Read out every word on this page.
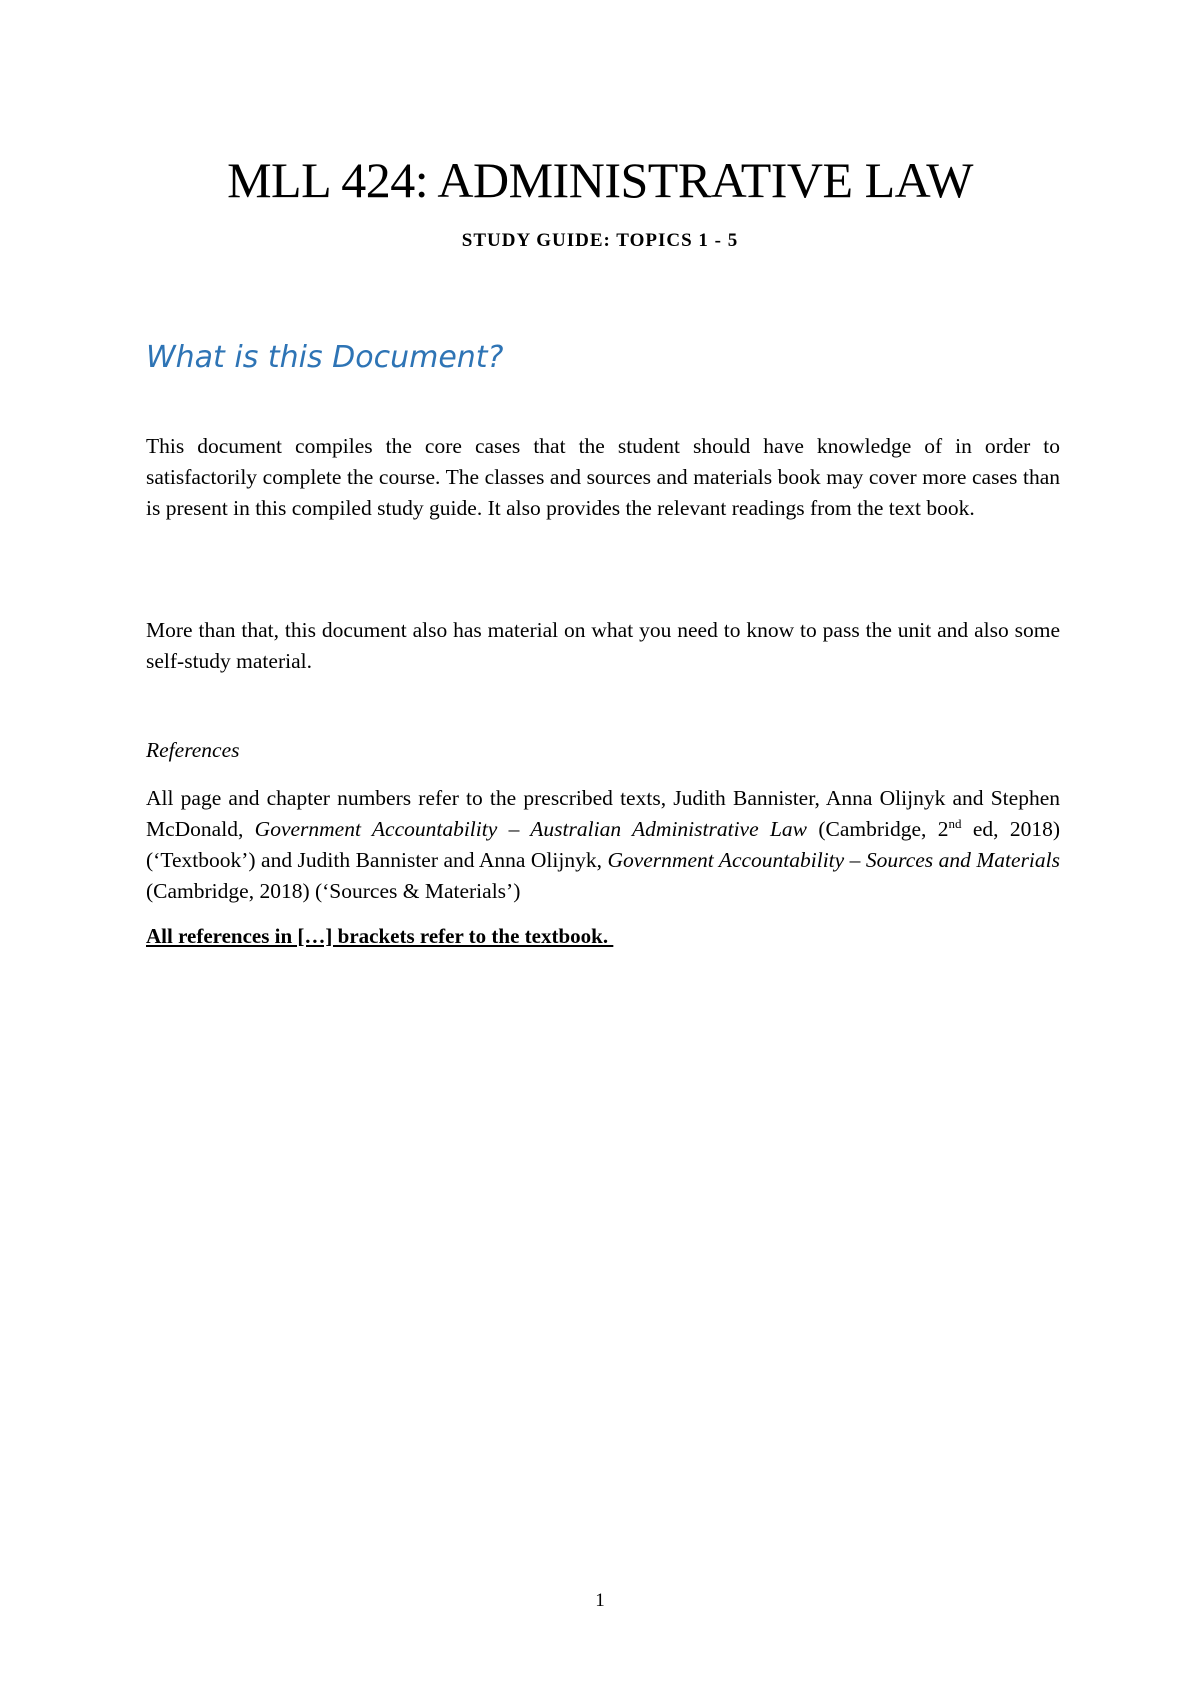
MLL 424: ADMINISTRATIVE LAW
STUDY GUIDE: TOPICS 1 - 5
What is this Document?

This document compiles the core cases that the student should have knowledge of in order to satisfactorily complete the course. The classes and sources and materials book may cover more cases than is present in this compiled study guide. It also provides the relevant readings from the text book.

More than that, this document also has material on what you need to know to pass the unit and also some self-study material.

References

All page and chapter numbers refer to the prescribed texts, Judith Bannister, Anna Olijnyk and Stephen McDonald, Government Accountability – Australian Administrative Law (Cambridge, 2nd ed, 2018) (‘Textbook’) and Judith Bannister and Anna Olijnyk, Government Accountability – Sources and Materials (Cambridge, 2018) (‘Sources & Materials’)

All references in […] brackets refer to the textbook.
1
